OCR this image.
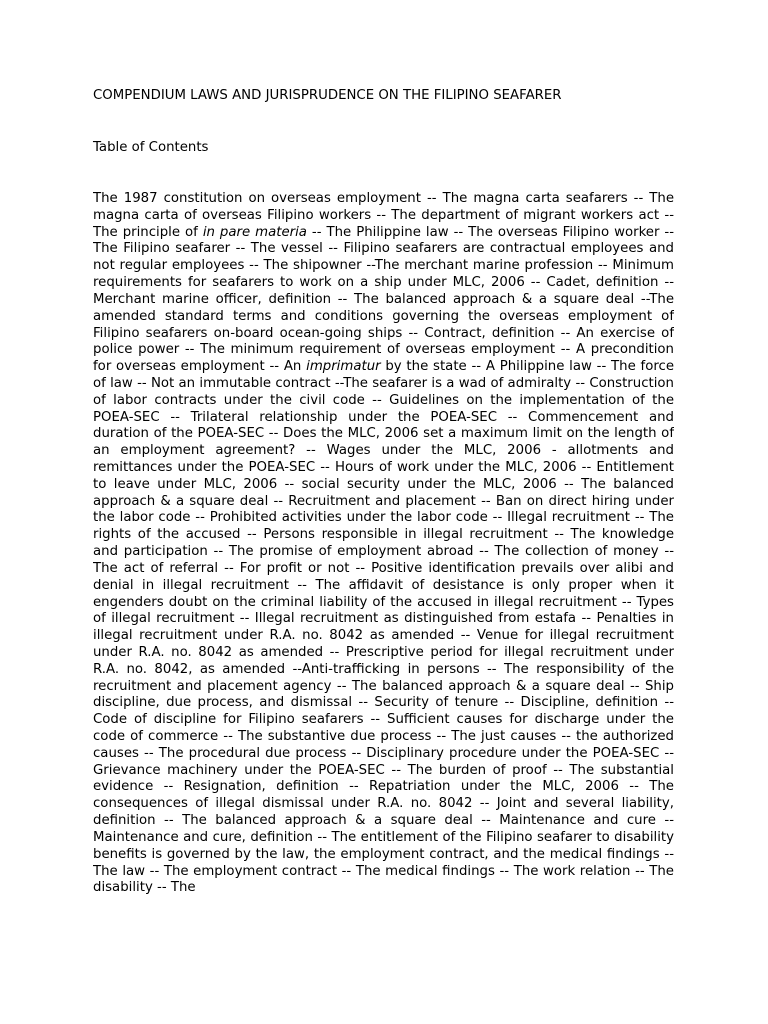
COMPENDIUM LAWS AND JURISPRUDENCE ON THE FILIPINO SEAFARER
Table of Contents

The 1987 constitution on overseas employment -- The magna carta seafarers -- The magna carta of overseas Filipino workers -- The department of migrant workers act --The principle of in pare materia -- The Philippine law -- The overseas Filipino worker -- The Filipino seafarer -- The vessel -- Filipino seafarers are contractual employees and not regular employees -- The shipowner --The merchant marine profession -- Minimum requirements for seafarers to work on a ship under MLC, 2006 -- Cadet, definition -- Merchant marine officer, definition -- The balanced approach & a square deal --The amended standard terms and conditions governing the overseas employment of Filipino seafarers on-board ocean-going ships -- Contract, definition -- An exercise of police power -- The minimum requirement of overseas employment -- A precondition for overseas employment -- An imprimatur by the state -- A Philippine law -- The force of law -- Not an immutable contract --The seafarer is a wad of admiralty -- Construction of labor contracts under the civil code -- Guidelines on the implementation of the POEA-SEC -- Trilateral relationship under the POEA-SEC -- Commencement and duration of the POEA-SEC -- Does the MLC, 2006 set a maximum limit on the length of an employment agreement? -- Wages under the MLC, 2006 - allotments and remittances under the POEA-SEC -- Hours of work under the MLC, 2006 -- Entitlement to leave under MLC, 2006 -- social security under the MLC, 2006 -- The balanced approach & a square deal -- Recruitment and placement -- Ban on direct hiring under the labor code -- Prohibited activities under the labor code -- Illegal recruitment -- The rights of the accused -- Persons responsible in illegal recruitment -- The knowledge and participation -- The promise of employment abroad -- The collection of money -- The act of referral -- For profit or not -- Positive identification prevails over alibi and denial in illegal recruitment -- The affidavit of desistance is only proper when it engenders doubt on the criminal liability of the accused in illegal recruitment -- Types of illegal recruitment -- Illegal recruitment as distinguished from estafa -- Penalties in illegal recruitment under R.A. no. 8042 as amended -- Venue for illegal recruitment under R.A. no. 8042 as amended -- Prescriptive period for illegal recruitment under R.A. no. 8042, as amended --Anti-trafficking in persons -- The responsibility of the recruitment and placement agency -- The balanced approach & a square deal -- Ship discipline, due process, and dismissal -- Security of tenure -- Discipline, definition -- Code of discipline for Filipino seafarers -- Sufficient causes for discharge under the code of commerce -- The substantive due process -- The just causes -- the authorized causes -- The procedural due process -- Disciplinary procedure under the POEA-SEC -- Grievance machinery under the POEA-SEC -- The burden of proof -- The substantial evidence -- Resignation, definition -- Repatriation under the MLC, 2006 -- The consequences of illegal dismissal under R.A. no. 8042 -- Joint and several liability, definition -- The balanced approach & a square deal -- Maintenance and cure -- Maintenance and cure, definition -- The entitlement of the Filipino seafarer to disability benefits is governed by the law, the employment contract, and the medical findings -- The law -- The employment contract -- The medical findings -- The work relation -- The disability -- The
